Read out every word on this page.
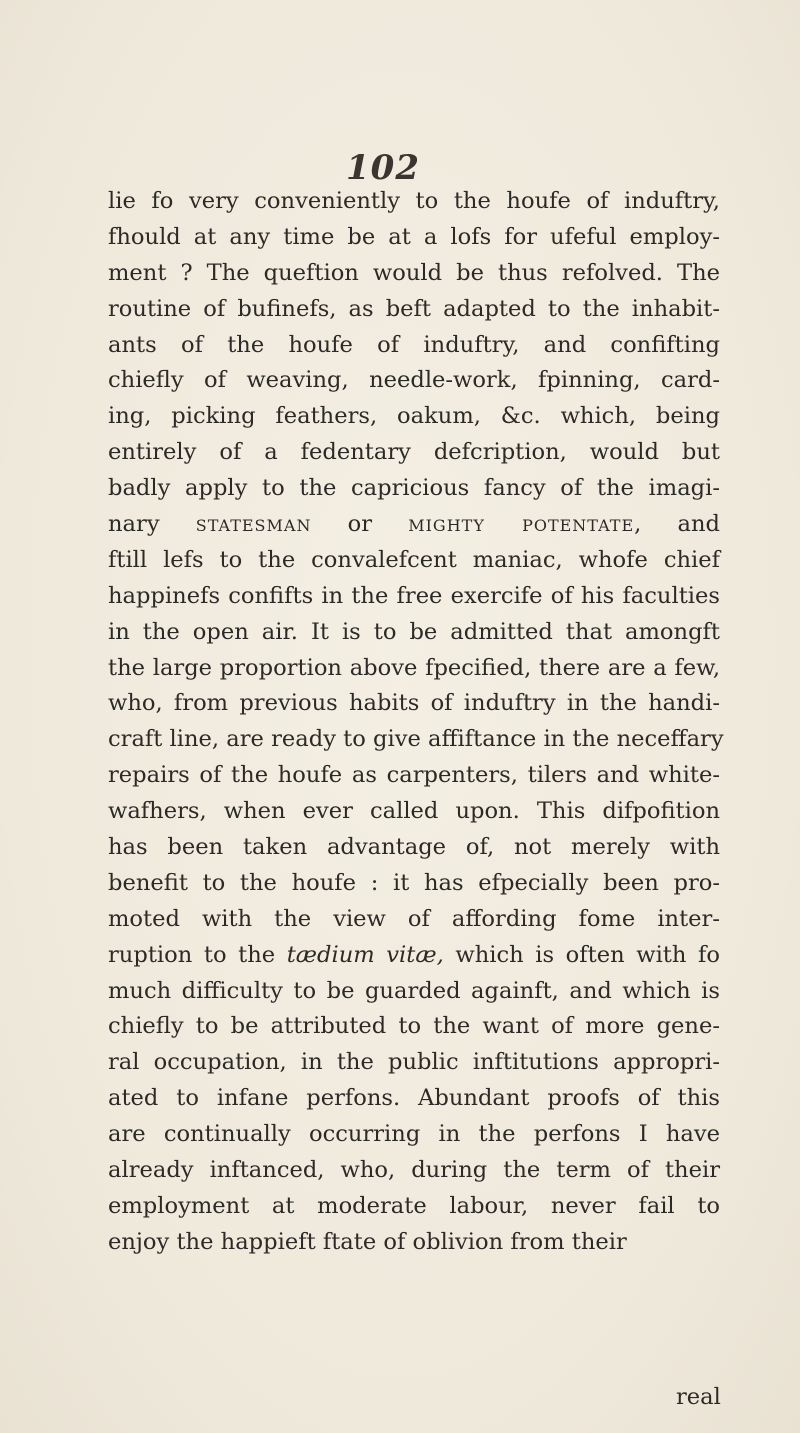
102
lie fo very conveniently to the houfe of induftry,
fhould at any time be at a lofs for ufeful employ-
ment ? The queftion would be thus refolved. The
routine of bufinefs, as beft adapted to the inhabit-
ants of the houfe of induftry, and confifting
chiefly of weaving, needle-work, fpinning, card-
ing, picking feathers, oakum, &c. which, being
entirely of a fedentary defcription, would but
badly apply to the capricious fancy of the imagi-
nary statesman or mighty potentate, and
ftill lefs to the convalefcent maniac, whofe chief
happinefs confifts in the free exercife of his faculties
in the open air. It is to be admitted that amongft
the large proportion above fpecified, there are a few,
who, from previous habits of induftry in the handi-
craft line, are ready to give affiftance in the neceffary
repairs of the houfe as carpenters, tilers and white-
wafhers, when ever called upon. This difpofition
has been taken advantage of, not merely with
benefit to the houfe : it has efpecially been pro-
moted with the view of affording fome inter-
ruption to the tædium vitæ, which is often with fo
much difficulty to be guarded againft, and which is
chiefly to be attributed to the want of more gene-
ral occupation, in the public inftitutions appropri-
ated to infane perfons. Abundant proofs of this
are continually occurring in the perfons I have
already inftanced, who, during the term of their
employment at moderate labour, never fail to
enjoy the happieft ftate of oblivion from their
real
